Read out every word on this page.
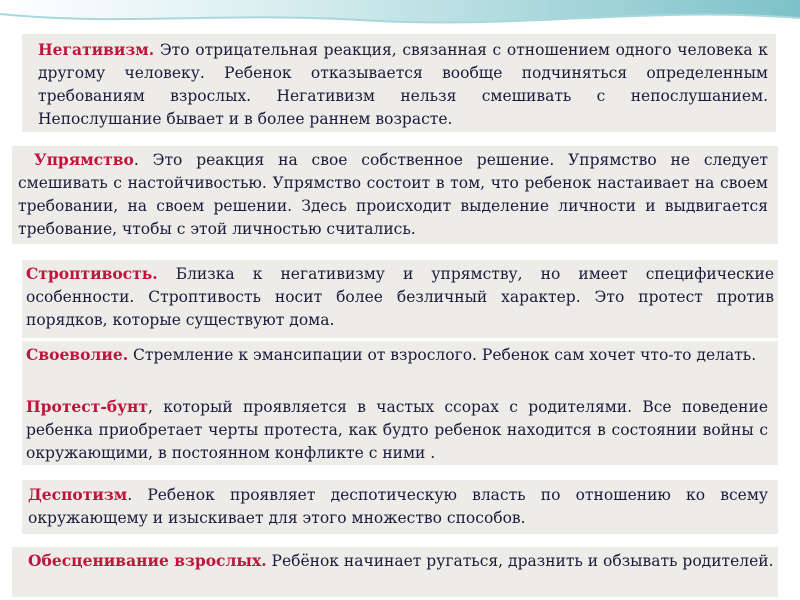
Негативизм. Это отрицательная реакция, связанная с отношением одного человека к другому человеку. Ребенок отказывается вообще подчиняться определенным требованиям взрослых. Негативизм нельзя смешивать с непослушанием. Непослушание бывает и в более раннем возрасте.

Упрямство. Это реакция на свое собственное решение. Упрямство не следует смешивать с настойчивостью. Упрямство состоит в том, что ребенок настаивает на своем требовании, на своем решении. Здесь происходит выделение личности и выдвигается требование, чтобы с этой личностью считались.

Строптивость. Близка к негативизму и упрямству, но имеет специфические особенности. Строптивость носит более безличный характер. Это протест против порядков, которые существуют дома.
Своеволие. Стремление к эмансипации от взрослого. Ребенок сам хочет что-то делать.
Протест-бунт, который проявляется в частых ссорах с родителями. Все поведение ребенка приобретает черты протеста, как будто ребенок находится в состоянии войны с окружающими, в постоянном конфликте с ними .

Деспотизм. Ребенок проявляет деспотическую власть по отношению ко всему окружающему и изыскивает для этого множество способов.

Обесценивание взрослых. Ребёнок начинает ругаться, дразнить и обзывать родителей.
